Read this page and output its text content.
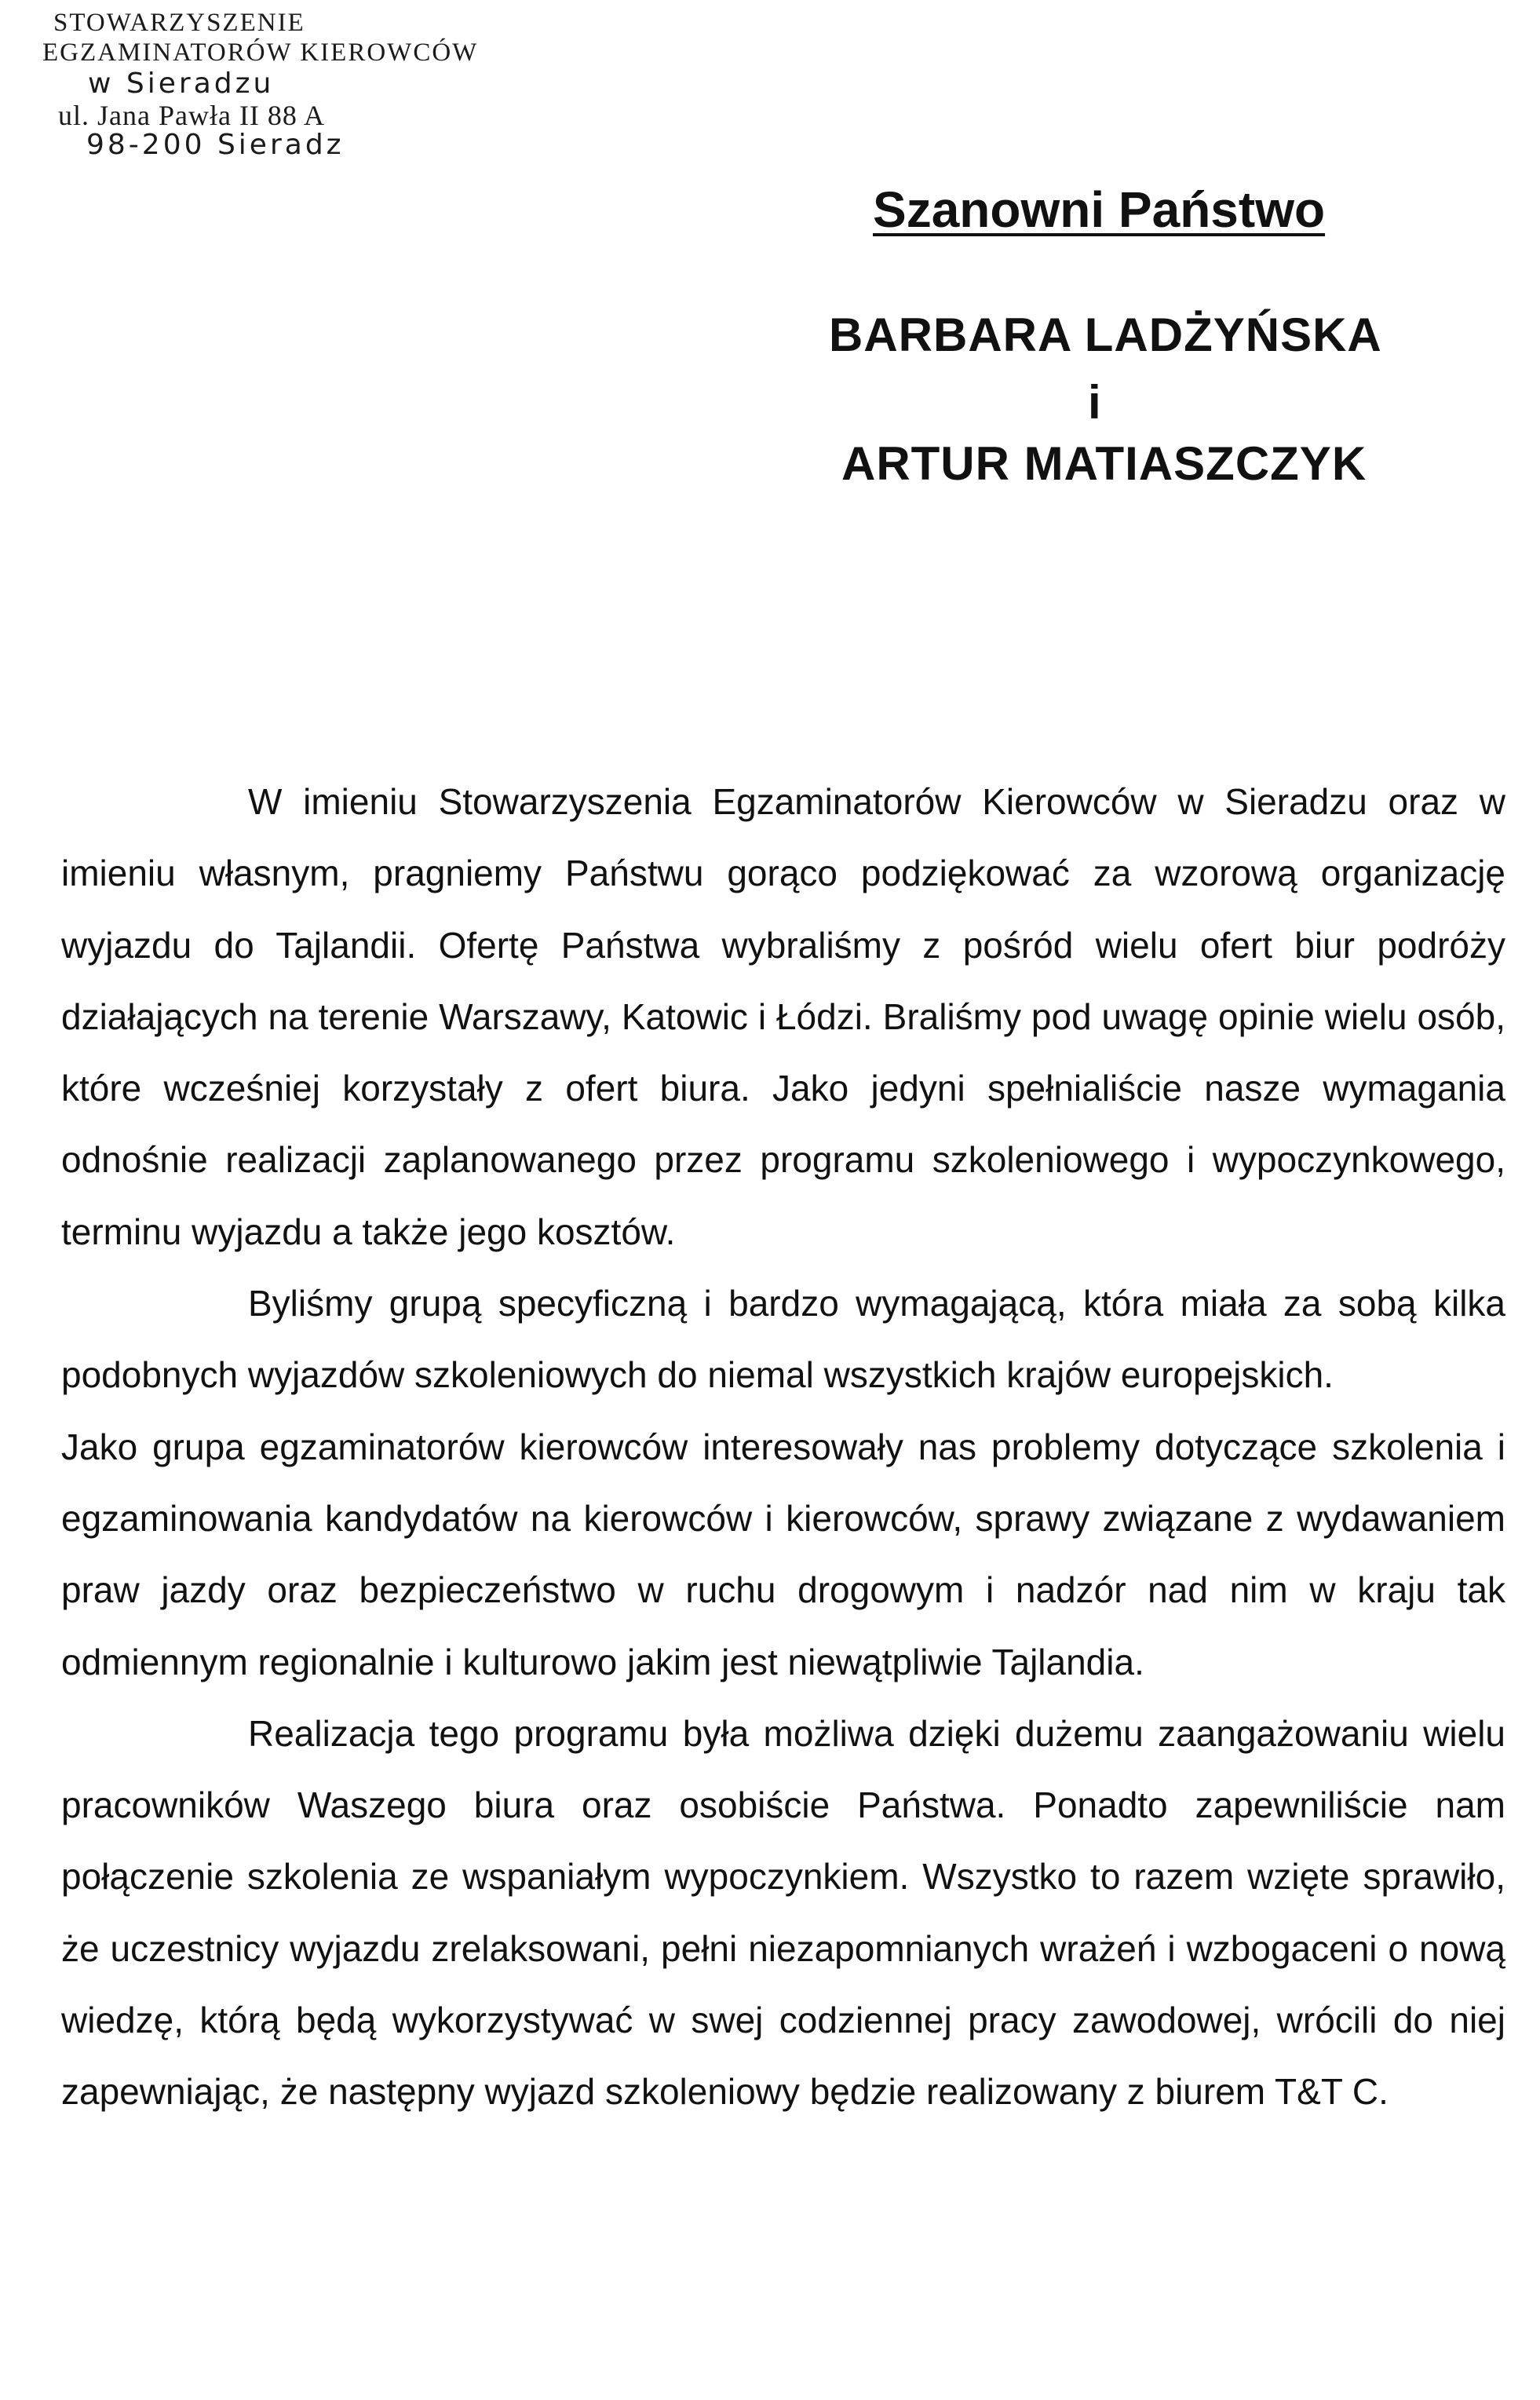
STOWARZYSZENIE
EGZAMINATORÓW KIEROWCÓW
w Sieradzu
ul. Jana Pawła II 88 A
98-200 Sieradz
Szanowni Państwo
BARBARA LADŻYŃSKA
i
ARTUR MATIASZCZYK

W imieniu Stowarzyszenia Egzaminatorów Kierowców w Sieradzu oraz w imieniu własnym, pragniemy Państwu gorąco podziękować za wzorową organizację wyjazdu do Tajlandii. Ofertę Państwa wybraliśmy z pośród wielu ofert biur podróży działających na terenie Warszawy, Katowic i Łódzi. Braliśmy pod uwagę opinie wielu osób, które wcześniej korzystały z ofert biura. Jako jedyni spełnialiście nasze wymagania odnośnie realizacji zaplanowanego przez programu szkoleniowego i wypoczynkowego, terminu wyjazdu a także jego kosztów.

Byliśmy grupą specyficzną i bardzo wymagającą, która miała za sobą kilka podobnych wyjazdów szkoleniowych do niemal wszystkich krajów europejskich.

Jako grupa egzaminatorów kierowców interesowały nas problemy dotyczące szkolenia i egzaminowania kandydatów na kierowców i kierowców, sprawy związane z wydawaniem praw jazdy oraz bezpieczeństwo w ruchu drogowym i nadzór nad nim w kraju tak odmiennym regionalnie i kulturowo jakim jest niewątpliwie Tajlandia.

Realizacja tego programu była możliwa dzięki dużemu zaangażowaniu wielu pracowników Waszego biura oraz osobiście Państwa. Ponadto zapewniliście nam połączenie szkolenia ze wspaniałym wypoczynkiem. Wszystko to razem wzięte sprawiło, że uczestnicy wyjazdu zrelaksowani, pełni niezapomnianych wrażeń i wzbogaceni o nową wiedzę, którą będą wykorzystywać w swej codziennej pracy zawodowej, wrócili do niej zapewniając, że następny wyjazd szkoleniowy będzie realizowany z biurem T&T C.
